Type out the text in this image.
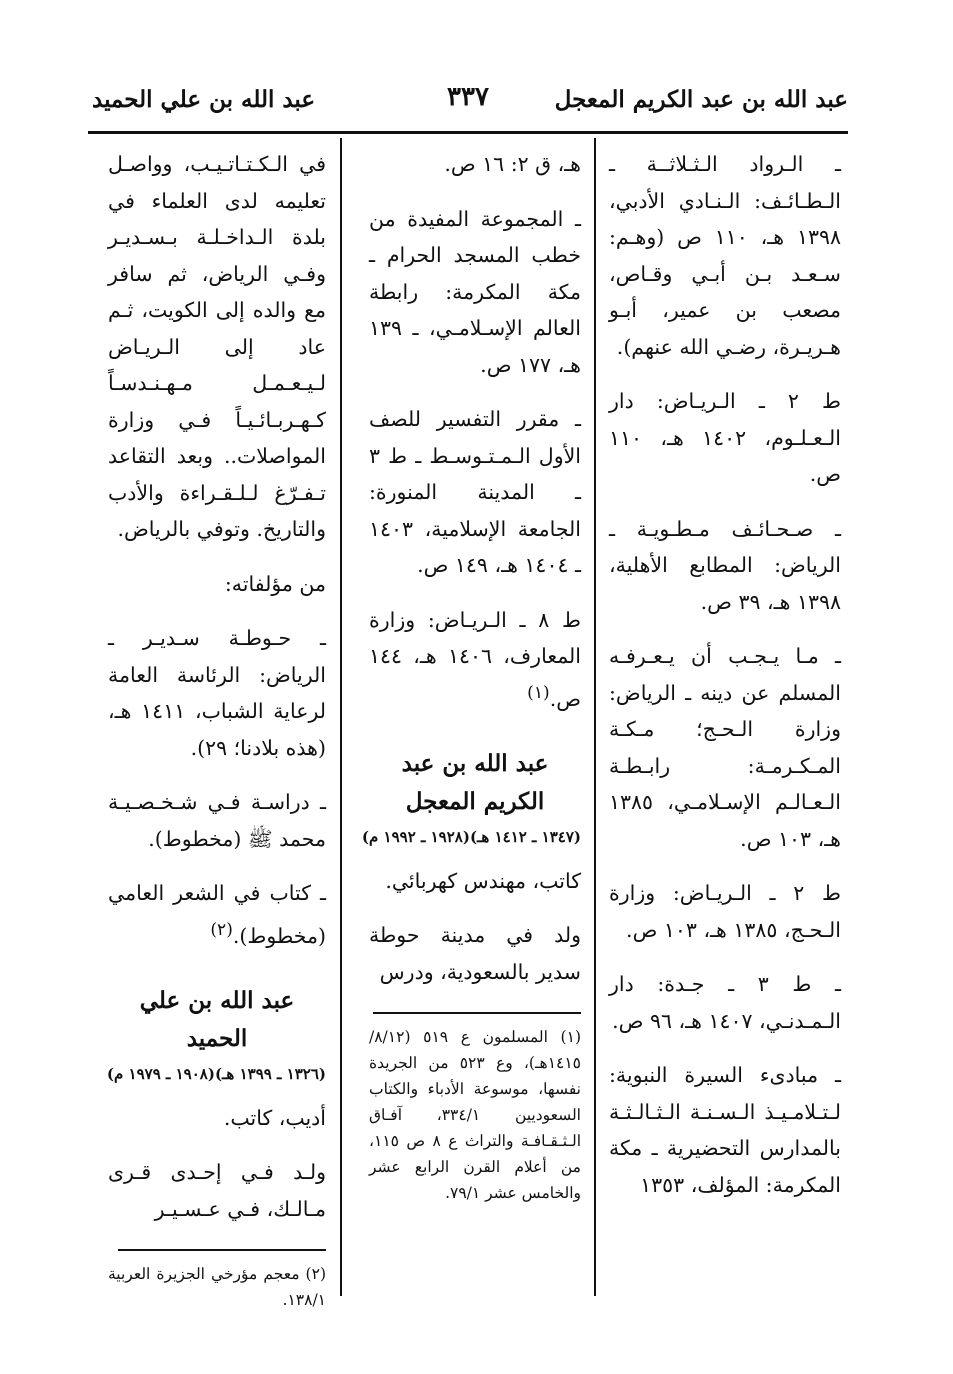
عبد الله بن عبد الكريم المعجل
٣٣٧
عبد الله بن علي الحميد

ـ الـرواد الـثـلاثــة ـ الـطـائـف: الـنـادي الأدبي، ١٣٩٨ هـ، ١١٠ ص (وهـم: سـعـد بـن أبـي وقـاص، مصعب بن عمير، أبـو هـريـرة، رضـي الله عنهم).

ط ٢ ـ الـريـاض: دار الـعـلـوم، ١٤٠٢ هـ، ١١٠ ص.

ـ صـحـائـف مـطـويـة ـ الرياض: المطابع الأهلية، ١٣٩٨ هـ، ٣٩ ص.

ـ مـا يـجـب أن يـعـرفـه المسلم عن دينه ـ الرياض: وزارة الـحـج؛ مـكـة المـكـرمـة: رابـطـة الـعـالـم الإسـلامـي، ١٣٨٥ هـ، ١٠٣ ص.

ط ٢ ـ الـريـاض: وزارة الـحـج، ١٣٨٥ هـ، ١٠٣ ص.

ـ ط ٣ ـ جـدة: دار الـمـدنـي، ١٤٠٧ هـ، ٩٦ ص.

ـ مبادىء السيرة النبوية: لـتـلامـيـذ الـسـنـة الـثـالـثـة بالمدارس التحضيرية ـ مكة المكرمة: المؤلف، ١٣٥٣

هـ، ق ٢: ١٦ ص.

ـ المجموعة المفيدة من خطب المسجد الحرام ـ مكة المكرمة: رابطة العالم الإسـلامـي، ـ ١٣٩ هـ، ١٧٧ ص.

ـ مقرر التفسير للصف الأول الـمـتـوسـط ـ ط ٣ ـ المدينة المنورة: الجامعة الإسلامية، ١٤٠٣ ـ ١٤٠٤ هـ، ١٤٩ ص.

ط ٨ ـ الـريـاض: وزارة المعارف، ١٤٠٦ هـ، ١٤٤ ص.$^{(١)}$

عبد الله بن عبد الكريم المعجل
(١٣٤٧ ـ ١٤١٢ هـ)(١٩٢٨ ـ ١٩٩٢ م)

كاتب، مهندس كهربائي.

ولد في مدينة حوطة سدير بالسعودية، ودرس

(١) المسلمون ع ٥١٩ (٨/١٢/ ١٤١٥هـ)، وع ٥٢٣ من الجريدة نفسها، موسوعة الأدباء والكتاب السعوديين ٣٣٤/١، آفـاق الـثـقـافـة والتراث ع ٨ ص ١١٥، من أعلام القرن الرابع عشر والخامس عشر ٧٩/١.

في الـكـتـاتـيـب، وواصـل تعليمه لدى العلماء في بلدة الـداخـلـة بـسـديـر وفـي الرياض، ثم سافر مع والده إلى الكويت، ثـم عاد إلى الـريـاض لـيـعـمـل مـهـنـدسـاً كـهـربـائـيـاً فـي وزارة المواصلات.. وبعد التقاعد تـفـرّغ لـلـقـراءة والأدب والتاريخ. وتوفي بالرياض.

من مؤلفاته:

ـ حـوطـة سـديـر ـ الرياض: الرئاسة العامة لرعاية الشباب، ١٤١١ هـ، (هذه بلادنا؛ ٢٩).

ـ دراسـة فـي شـخـصـيـة محمد ﷺ (مخطوط).

ـ كتاب في الشعر العامي (مخطوط).$^{(٢)}$

عبد الله بن علي الحميد
(١٣٢٦ ـ ١٣٩٩ هـ)(١٩٠٨ ـ ١٩٧٩ م)

أديب، كاتب.

ولـد فـي إحـدى قـرى مـالـك، فـي عـسـيـر

(٢) معجم مؤرخي الجزيرة العربية ١٣٨/١.
